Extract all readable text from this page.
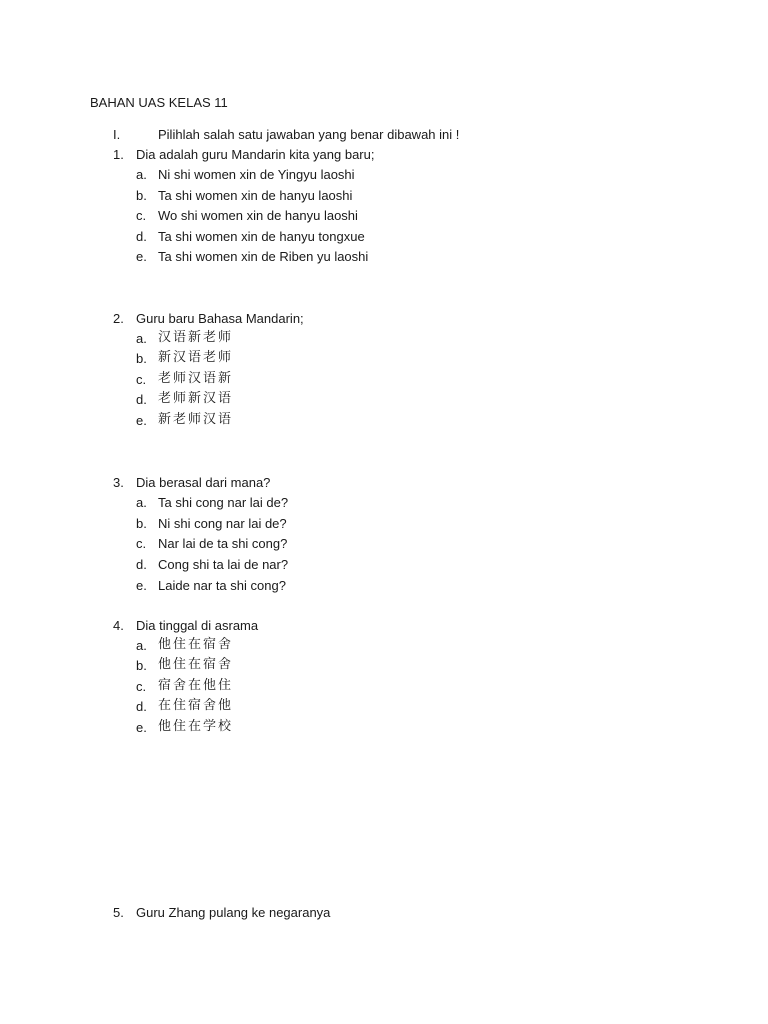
BAHAN UAS KELAS 11
I.	Pilihlah salah satu jawaban yang benar dibawah ini !
1. Dia adalah guru Mandarin kita yang baru;
a. Ni shi women xin de Yingyu laoshi
b. Ta shi women xin de hanyu laoshi
c. Wo shi women xin de hanyu laoshi
d. Ta shi women xin de hanyu tongxue
e. Ta shi women xin de Riben yu laoshi
2. Guru baru Bahasa Mandarin;
a. 汉语新老师
b. 新汉语老师
c. 老师汉语新
d. 老师新汉语
e. 新老师汉语
3. Dia berasal dari mana?
a. Ta shi cong nar lai de?
b. Ni shi cong nar lai de?
c. Nar lai de ta shi cong?
d. Cong shi ta lai de nar?
e. Laide nar ta shi cong?
4. Dia tinggal di asrama
a. 他住在宿舍
b. 他住在宿舍
c. 宿舍在他住
d. 在住宿舍他
e. 他住在学校
5. Guru Zhang pulang ke negaranya
